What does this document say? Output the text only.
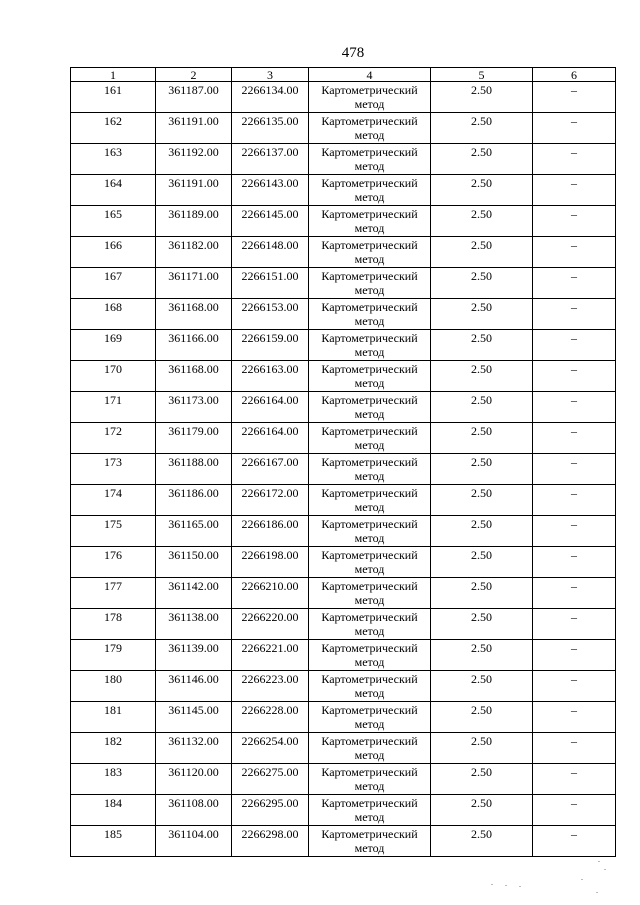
478
1	2	3	4	5	6
161	361187.00	2266134.00	Картометрический метод	2.50	–
162	361191.00	2266135.00	Картометрический метод	2.50	–
163	361192.00	2266137.00	Картометрический метод	2.50	–
164	361191.00	2266143.00	Картометрический метод	2.50	–
165	361189.00	2266145.00	Картометрический метод	2.50	–
166	361182.00	2266148.00	Картометрический метод	2.50	–
167	361171.00	2266151.00	Картометрический метод	2.50	–
168	361168.00	2266153.00	Картометрический метод	2.50	–
169	361166.00	2266159.00	Картометрический метод	2.50	–
170	361168.00	2266163.00	Картометрический метод	2.50	–
171	361173.00	2266164.00	Картометрический метод	2.50	–
172	361179.00	2266164.00	Картометрический метод	2.50	–
173	361188.00	2266167.00	Картометрический метод	2.50	–
174	361186.00	2266172.00	Картометрический метод	2.50	–
175	361165.00	2266186.00	Картометрический метод	2.50	–
176	361150.00	2266198.00	Картометрический метод	2.50	–
177	361142.00	2266210.00	Картометрический метод	2.50	–
178	361138.00	2266220.00	Картометрический метод	2.50	–
179	361139.00	2266221.00	Картометрический метод	2.50	–
180	361146.00	2266223.00	Картометрический метод	2.50	–
181	361145.00	2266228.00	Картометрический метод	2.50	–
182	361132.00	2266254.00	Картометрический метод	2.50	–
183	361120.00	2266275.00	Картометрический метод	2.50	–
184	361108.00	2266295.00	Картометрический метод	2.50	–
185	361104.00	2266298.00	Картометрический метод	2.50	–
